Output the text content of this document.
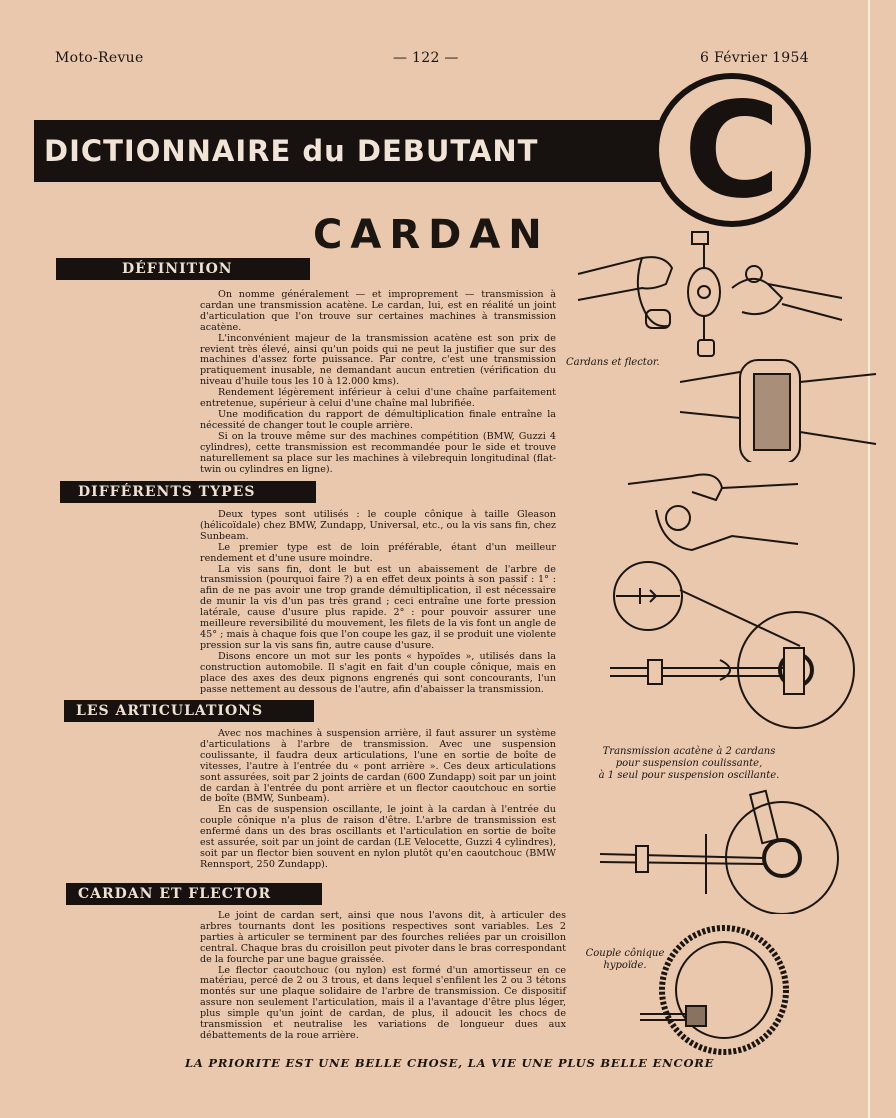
Moto-Revue	— 122 —	6 Février 1954
DICTIONNAIRE du DEBUTANT	C
CARDAN
DÉFINITION

On nomme généralement — et improprement — transmission à cardan une transmission acatène. Le cardan, lui, est en réalité un joint d'articulation que l'on trouve sur certaines machines à transmission acatène.

L'inconvénient majeur de la transmission acatène est son prix de revient très élevé, ainsi qu'un poids qui ne peut la justifier que sur des machines d'assez forte puissance. Par contre, c'est une transmission pratiquement inusable, ne demandant aucun entretien (vérification du niveau d'huile tous les 10 à 12.000 kms).

Rendement légèrement inférieur à celui d'une chaîne parfaitement entretenue, supérieur à celui d'une chaîne mal lubrifiée.

Une modification du rapport de démultiplication finale entraîne la nécessité de changer tout le couple arrière.

Si on la trouve même sur des machines compétition (BMW, Guzzi 4 cylindres), cette transmission est recommandée pour le side et trouve naturellement sa place sur les machines à vilebrequin longitudinal (flat-twin ou cylindres en ligne).

DIFFÉRENTS TYPES

Deux types sont utilisés : le couple cônique à taille Gleason (hélicoïdale) chez BMW, Zundapp, Universal, etc., ou la vis sans fin, chez Sunbeam.

Le premier type est de loin préférable, étant d'un meilleur rendement et d'une usure moindre.

La vis sans fin, dont le but est un abaissement de l'arbre de transmission (pourquoi faire ?) a en effet deux points à son passif : 1° : afin de ne pas avoir une trop grande démultiplication, il est nécessaire de munir la vis d'un pas très grand ; ceci entraîne une forte pression latérale, cause d'usure plus rapide. 2° : pour pouvoir assurer une meilleure reversibilité du mouvement, les filets de la vis font un angle de 45° ; mais à chaque fois que l'on coupe les gaz, il se produit une violente pression sur la vis sans fin, autre cause d'usure.

Disons encore un mot sur les ponts « hypoïdes », utilisés dans la construction automobile. Il s'agit en fait d'un couple cônique, mais en place des axes des deux pignons engrenés qui sont concourants, l'un passe nettement au dessous de l'autre, afin d'abaisser la transmission.

LES ARTICULATIONS

Avec nos machines à suspension arrière, il faut assurer un système d'articulations à l'arbre de transmission. Avec une suspension coulissante, il faudra deux articulations, l'une en sortie de boîte de vitesses, l'autre à l'entrée du « pont arrière ». Ces deux articulations sont assurées, soit par 2 joints de cardan (600 Zundapp) soit par un joint de cardan à l'entrée du pont arrière et un flector caoutchouc en sortie de boîte (BMW, Sunbeam).

En cas de suspension oscillante, le joint à la cardan à l'entrée du couple cônique n'a plus de raison d'être. L'arbre de transmission est enfermé dans un des bras oscillants et l'articulation en sortie de boîte est assurée, soit par un joint de cardan (LE Velocette, Guzzi 4 cylindres), soit par un flector bien souvent en nylon plutôt qu'en caoutchouc (BMW Rennsport, 250 Zundapp).

CARDAN ET FLECTOR

Le joint de cardan sert, ainsi que nous l'avons dit, à articuler des arbres tournants dont les positions respectives sont variables. Les 2 parties à articuler se terminent par des fourches reliées par un croisillon central. Chaque bras du croisillon peut pivoter dans le bras correspondant de la fourche par une bague graissée.

Le flector caoutchouc (ou nylon) est formé d'un amortisseur en ce matériau, percé de 2 ou 3 trous, et dans lequel s'enfilent les 2 ou 3 tétons montés sur une plaque solidaire de l'arbre de transmission. Ce dispositif assure non seulement l'articulation, mais il a l'avantage d'être plus léger, plus simple qu'un joint de cardan, de plus, il adoucit les chocs de transmission et neutralise les variations de longueur dues aux débattements de la roue arrière.

Cardans et flector.
Transmission acatène à 2 cardans
pour suspension coulissante,
à 1 seul pour suspension oscillante.
Couple cônique
hypoïde.
LA PRIORITE EST UNE BELLE CHOSE, LA VIE UNE PLUS BELLE ENCORE
